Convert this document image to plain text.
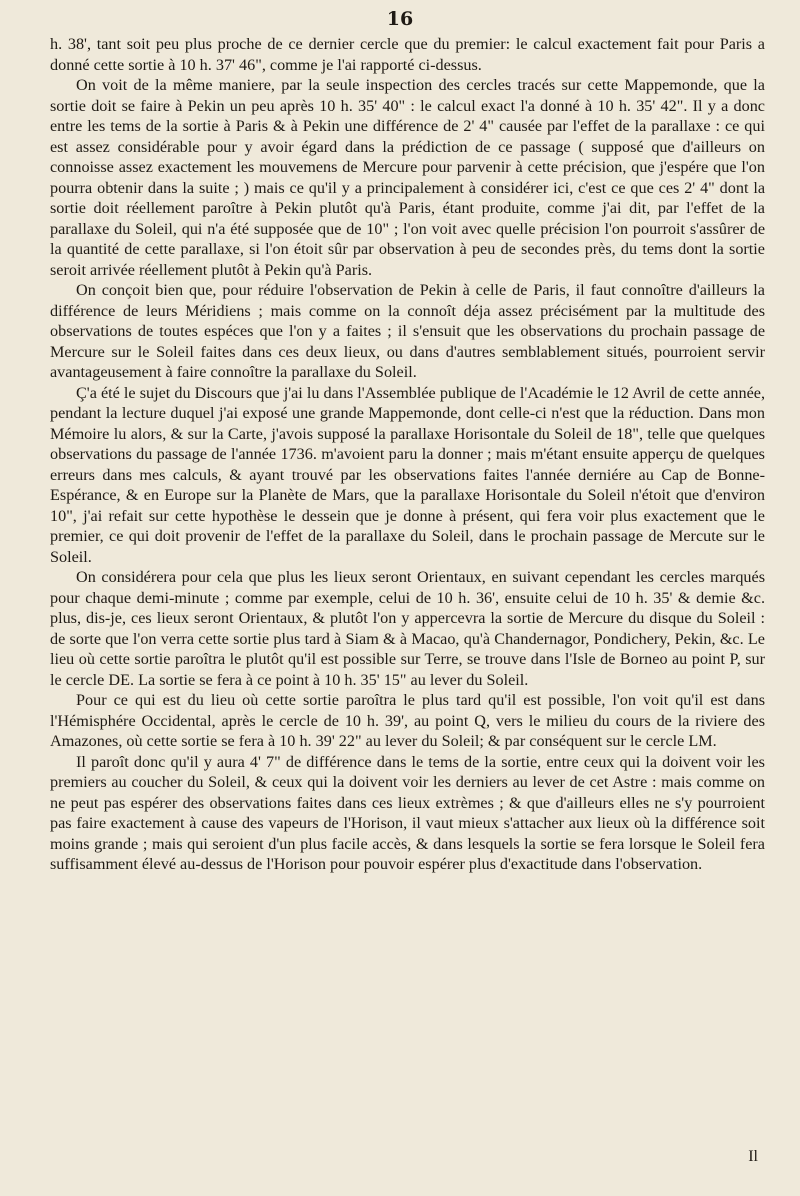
16

h. 38', tant soit peu plus proche de ce dernier cercle que du premier: le calcul exactement fait pour Paris a donné cette sortie à 10 h. 37' 46", comme je l'ai rapporté ci-dessus.

On voit de la même maniere, par la seule inspection des cercles tracés sur cette Mappemonde, que la sortie doit se faire à Pekin un peu après 10 h. 35' 40" : le calcul exact l'a donné à 10 h. 35' 42". Il y a donc entre les tems de la sortie à Paris & à Pekin une différence de 2' 4" causée par l'effet de la parallaxe : ce qui est assez considérable pour y avoir égard dans la prédiction de ce passage ( supposé que d'ailleurs on connoisse assez exactement les mouvemens de Mercure pour parvenir à cette précision, que j'espére que l'on pourra obtenir dans la suite ; ) mais ce qu'il y a principalement à considérer ici, c'est ce que ces 2' 4" dont la sortie doit réellement paroître à Pekin plutôt qu'à Paris, étant produite, comme j'ai dit, par l'effet de la parallaxe du Soleil, qui n'a été supposée que de 10" ; l'on voit avec quelle précision l'on pourroit s'assûrer de la quantité de cette parallaxe, si l'on étoit sûr par observation à peu de secondes près, du tems dont la sortie seroit arrivée réellement plutôt à Pekin qu'à Paris.

On conçoit bien que, pour réduire l'observation de Pekin à celle de Paris, il faut connoître d'ailleurs la différence de leurs Méridiens ; mais comme on la connoît déja assez précisément par la multitude des observations de toutes espéces que l'on y a faites ; il s'ensuit que les observations du prochain passage de Mercure sur le Soleil faites dans ces deux lieux, ou dans d'autres semblablement situés, pourroient servir avantageusement à faire connoître la parallaxe du Soleil.

Ç'a été le sujet du Discours que j'ai lu dans l'Assemblée publique de l'Académie le 12 Avril de cette année, pendant la lecture duquel j'ai exposé une grande Mappemonde, dont celle-ci n'est que la réduction. Dans mon Mémoire lu alors, & sur la Carte, j'avois supposé la parallaxe Horisontale du Soleil de 18", telle que quelques observations du passage de l'année 1736. m'avoient paru la donner ; mais m'étant ensuite apperçu de quelques erreurs dans mes calculs, & ayant trouvé par les observations faites l'année derniére au Cap de Bonne-Espérance, & en Europe sur la Planète de Mars, que la parallaxe Horisontale du Soleil n'étoit que d'environ 10", j'ai refait sur cette hypothèse le dessein que je donne à présent, qui fera voir plus exactement que le premier, ce qui doit provenir de l'effet de la parallaxe du Soleil, dans le prochain passage de Mercute sur le Soleil.

On considérera pour cela que plus les lieux seront Orientaux, en suivant cependant les cercles marqués pour chaque demi-minute ; comme par exemple, celui de 10 h. 36', ensuite celui de 10 h. 35' & demie &c. plus, dis-je, ces lieux seront Orientaux, & plutôt l'on y appercevra la sortie de Mercure du disque du Soleil : de sorte que l'on verra cette sortie plus tard à Siam & à Macao, qu'à Chandernagor, Pondichery, Pekin, &c. Le lieu où cette sortie paroîtra le plutôt qu'il est possible sur Terre, se trouve dans l'Isle de Borneo au point P, sur le cercle DE. La sortie se fera à ce point à 10 h. 35' 15" au lever du Soleil.

Pour ce qui est du lieu où cette sortie paroîtra le plus tard qu'il est possible, l'on voit qu'il est dans l'Hémisphére Occidental, après le cercle de 10 h. 39', au point Q, vers le milieu du cours de la riviere des Amazones, où cette sortie se fera à 10 h. 39' 22" au lever du Soleil; & par conséquent sur le cercle LM.

Il paroît donc qu'il y aura 4' 7" de différence dans le tems de la sortie, entre ceux qui la doivent voir les premiers au coucher du Soleil, & ceux qui la doivent voir les derniers au lever de cet Astre : mais comme on ne peut pas espérer des observations faites dans ces lieux extrèmes ; & que d'ailleurs elles ne s'y pourroient pas faire exactement à cause des vapeurs de l'Horison, il vaut mieux s'attacher aux lieux où la différence soit moins grande ; mais qui seroient d'un plus facile accès, & dans lesquels la sortie se fera lorsque le Soleil fera suffisamment élevé au-dessus de l'Horison pour pouvoir espérer plus d'exactitude dans l'observation.

Il
